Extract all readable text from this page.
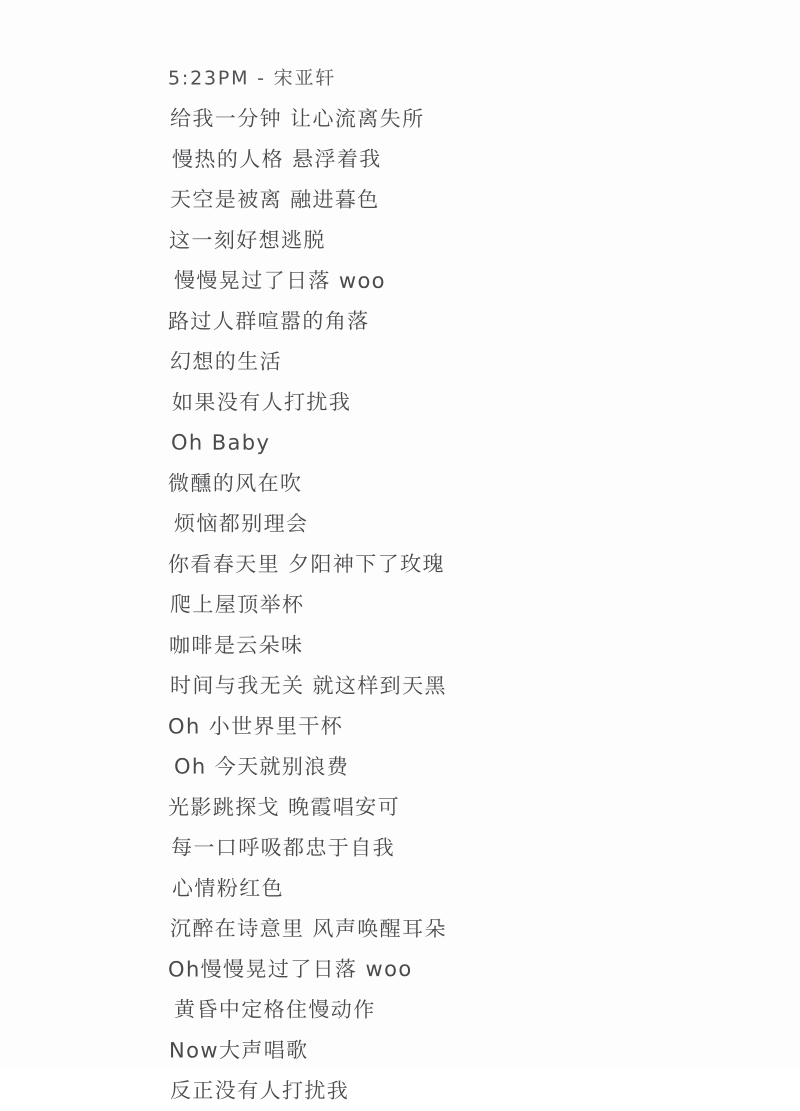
5:23PM - 宋亚轩
给我一分钟 让心流离失所
慢热的人格 悬浮着我
天空是被离 融进暮色
这一刻好想逃脱
慢慢晃过了日落 woo
路过人群喧嚣的角落
幻想的生活
如果没有人打扰我
Oh Baby
微醺的风在吹
烦恼都别理会
你看春天里 夕阳神下了玫瑰
爬上屋顶举杯
咖啡是云朵味
时间与我无关 就这样到天黑
Oh 小世界里干杯
Oh 今天就别浪费
光影跳探戈 晚霞唱安可
每一口呼吸都忠于自我
心情粉红色
沉醉在诗意里 风声唤醒耳朵
Oh慢慢晃过了日落 woo
黄昏中定格住慢动作
Now大声唱歌
反正没有人打扰我
